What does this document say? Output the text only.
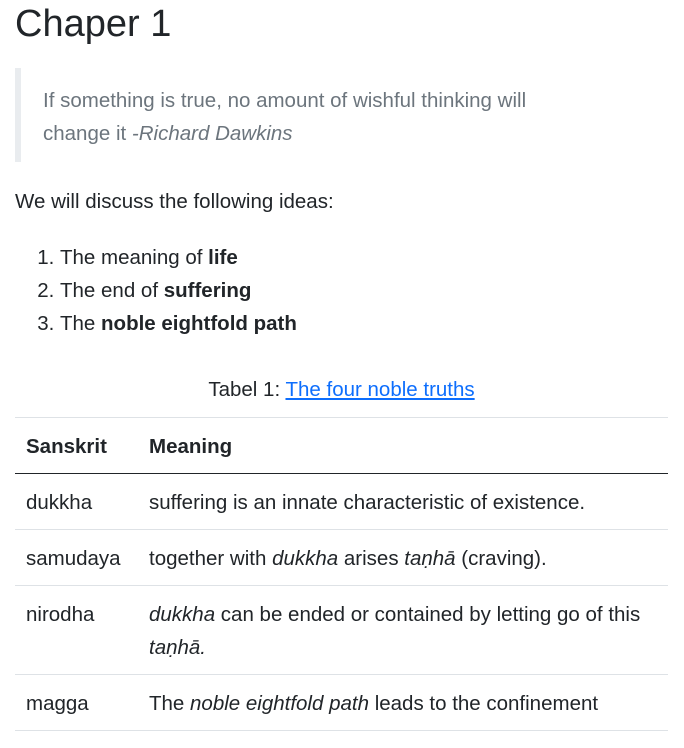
Chaper 1
If something is true, no amount of wishful thinking will change it -Richard Dawkins

We will discuss the following ideas:

1. The meaning of life
2. The end of suffering
3. The noble eightfold path
Tabel 1: The four noble truths
Sanskrit	Meaning
dukkha	suffering is an innate characteristic of existence.
samudaya	together with dukkha arises taṇhā (craving).
nirodha	dukkha can be ended or contained by letting go of this taṇhā.
magga	The noble eightfold path leads to the confinement
